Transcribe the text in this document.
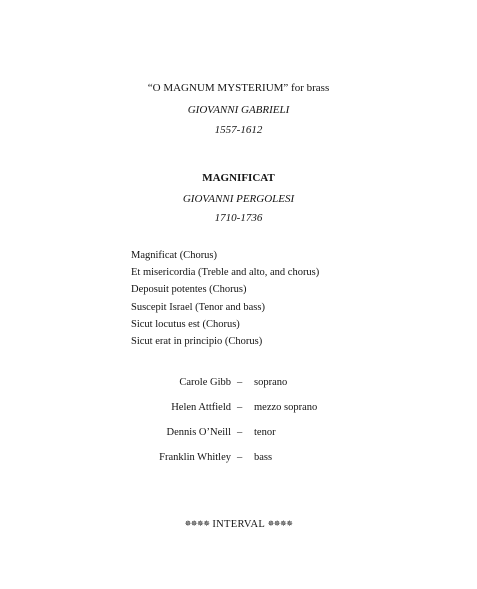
“O MAGNUM MYSTERIUM” for brass
GIOVANNI GABRIELI
1557-1612
MAGNIFICAT
GIOVANNI PERGOLESI
1710-1736
Magnificat (Chorus)
Et misericordia (Treble and alto, and chorus)
Deposuit potentes (Chorus)
Suscepit Israel (Tenor and bass)
Sicut locutus est (Chorus)
Sicut erat in principio (Chorus)
Carole Gibb – soprano
Helen Attfield – mezzo soprano
Dennis O’Neill – tenor
Franklin Whitley – bass
✵✵✵✵ INTERVAL ✵✵✵✵
